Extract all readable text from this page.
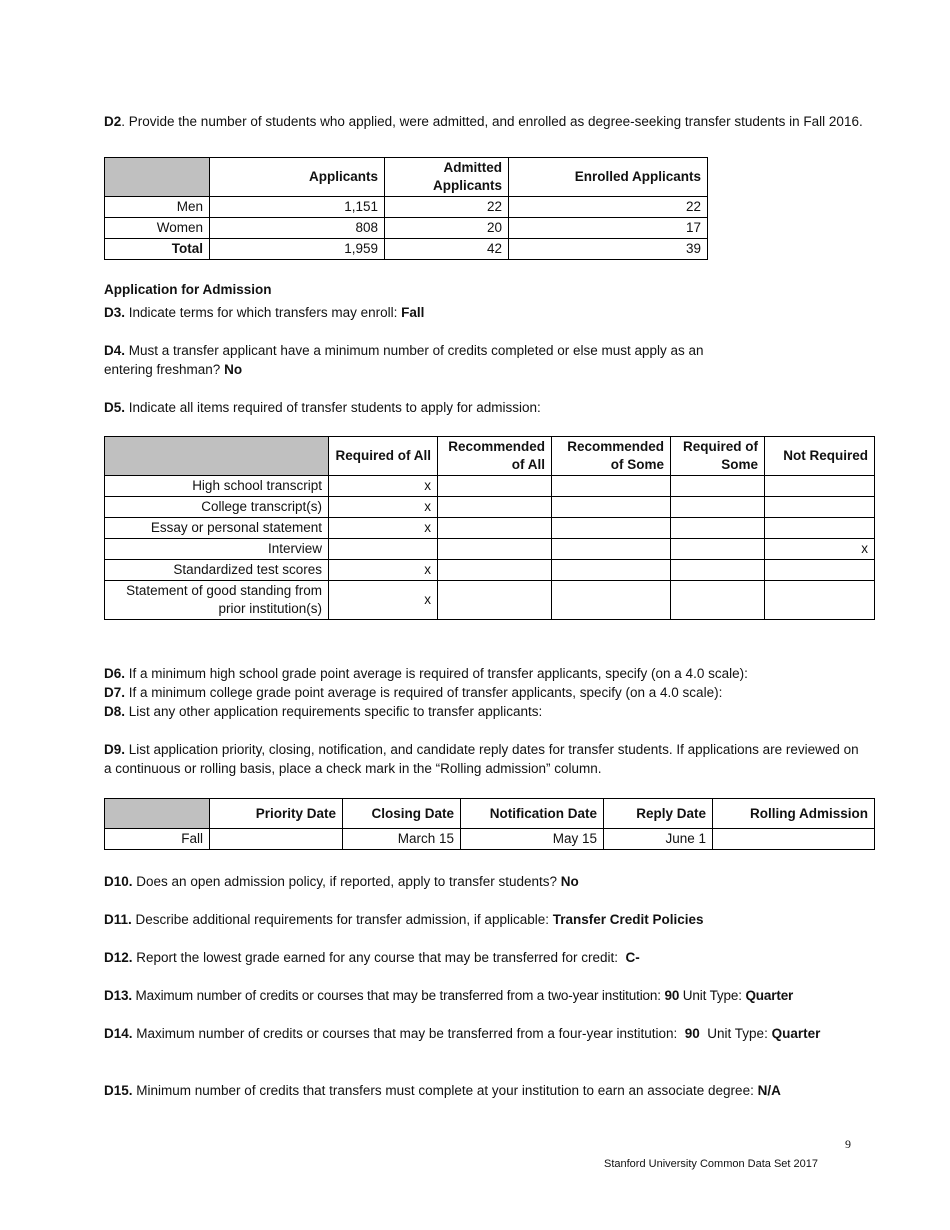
D2. Provide the number of students who applied, were admitted, and enrolled as degree-seeking transfer students in Fall 2016.

	Applicants	Admitted Applicants	Enrolled Applicants
Men	1,151	22	22
Women	808	20	17
Total	1,959	42	39

Application for Admission

D3. Indicate terms for which transfers may enroll: Fall

D4. Must a transfer applicant have a minimum number of credits completed or else must apply as an entering freshman? No

D5. Indicate all items required of transfer students to apply for admission:

	Required of All	Recommended of All	Recommended of Some	Required of Some	Not Required
High school transcript	x				
College transcript(s)	x				
Essay or personal statement	x				
Interview					x
Standardized test scores	x				
Statement of good standing from prior institution(s)	x				

D6. If a minimum high school grade point average is required of transfer applicants, specify (on a 4.0 scale):

D7. If a minimum college grade point average is required of transfer applicants, specify (on a 4.0 scale):

D8. List any other application requirements specific to transfer applicants:

D9. List application priority, closing, notification, and candidate reply dates for transfer students. If applications are reviewed on a continuous or rolling basis, place a check mark in the “Rolling admission” column.

	Priority Date	Closing Date	Notification Date	Reply Date	Rolling Admission
Fall		March 15	May 15	June 1	

D10. Does an open admission policy, if reported, apply to transfer students? No

D11. Describe additional requirements for transfer admission, if applicable: Transfer Credit Policies

D12. Report the lowest grade earned for any course that may be transferred for credit:  C-

D13. Maximum number of credits or courses that may be transferred from a two-year institution: 90 Unit Type: Quarter

D14. Maximum number of credits or courses that may be transferred from a four-year institution:  90  Unit Type: Quarter

D15. Minimum number of credits that transfers must complete at your institution to earn an associate degree: N/A

9
Stanford University Common Data Set 2017
